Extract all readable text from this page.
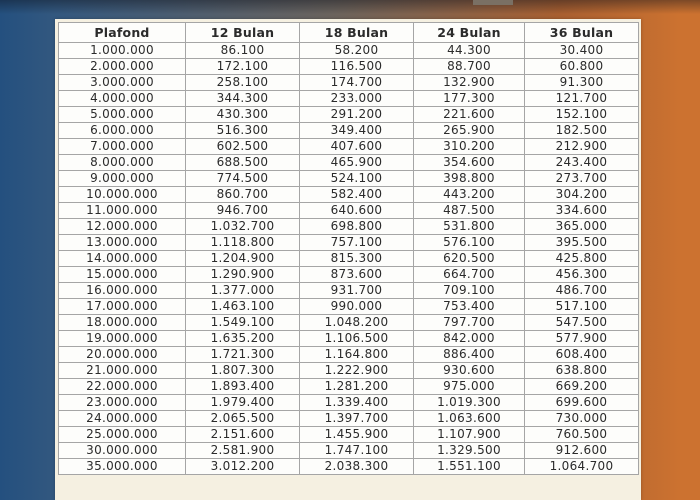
Plafond	12 Bulan	18 Bulan	24 Bulan	36 Bulan
1.000.000	86.100	58.200	44.300	30.400
2.000.000	172.100	116.500	88.700	60.800
3.000.000	258.100	174.700	132.900	91.300
4.000.000	344.300	233.000	177.300	121.700
5.000.000	430.300	291.200	221.600	152.100
6.000.000	516.300	349.400	265.900	182.500
7.000.000	602.500	407.600	310.200	212.900
8.000.000	688.500	465.900	354.600	243.400
9.000.000	774.500	524.100	398.800	273.700
10.000.000	860.700	582.400	443.200	304.200
11.000.000	946.700	640.600	487.500	334.600
12.000.000	1.032.700	698.800	531.800	365.000
13.000.000	1.118.800	757.100	576.100	395.500
14.000.000	1.204.900	815.300	620.500	425.800
15.000.000	1.290.900	873.600	664.700	456.300
16.000.000	1.377.000	931.700	709.100	486.700
17.000.000	1.463.100	990.000	753.400	517.100
18.000.000	1.549.100	1.048.200	797.700	547.500
19.000.000	1.635.200	1.106.500	842.000	577.900
20.000.000	1.721.300	1.164.800	886.400	608.400
21.000.000	1.807.300	1.222.900	930.600	638.800
22.000.000	1.893.400	1.281.200	975.000	669.200
23.000.000	1.979.400	1.339.400	1.019.300	699.600
24.000.000	2.065.500	1.397.700	1.063.600	730.000
25.000.000	2.151.600	1.455.900	1.107.900	760.500
30.000.000	2.581.900	1.747.100	1.329.500	912.600
35.000.000	3.012.200	2.038.300	1.551.100	1.064.700
